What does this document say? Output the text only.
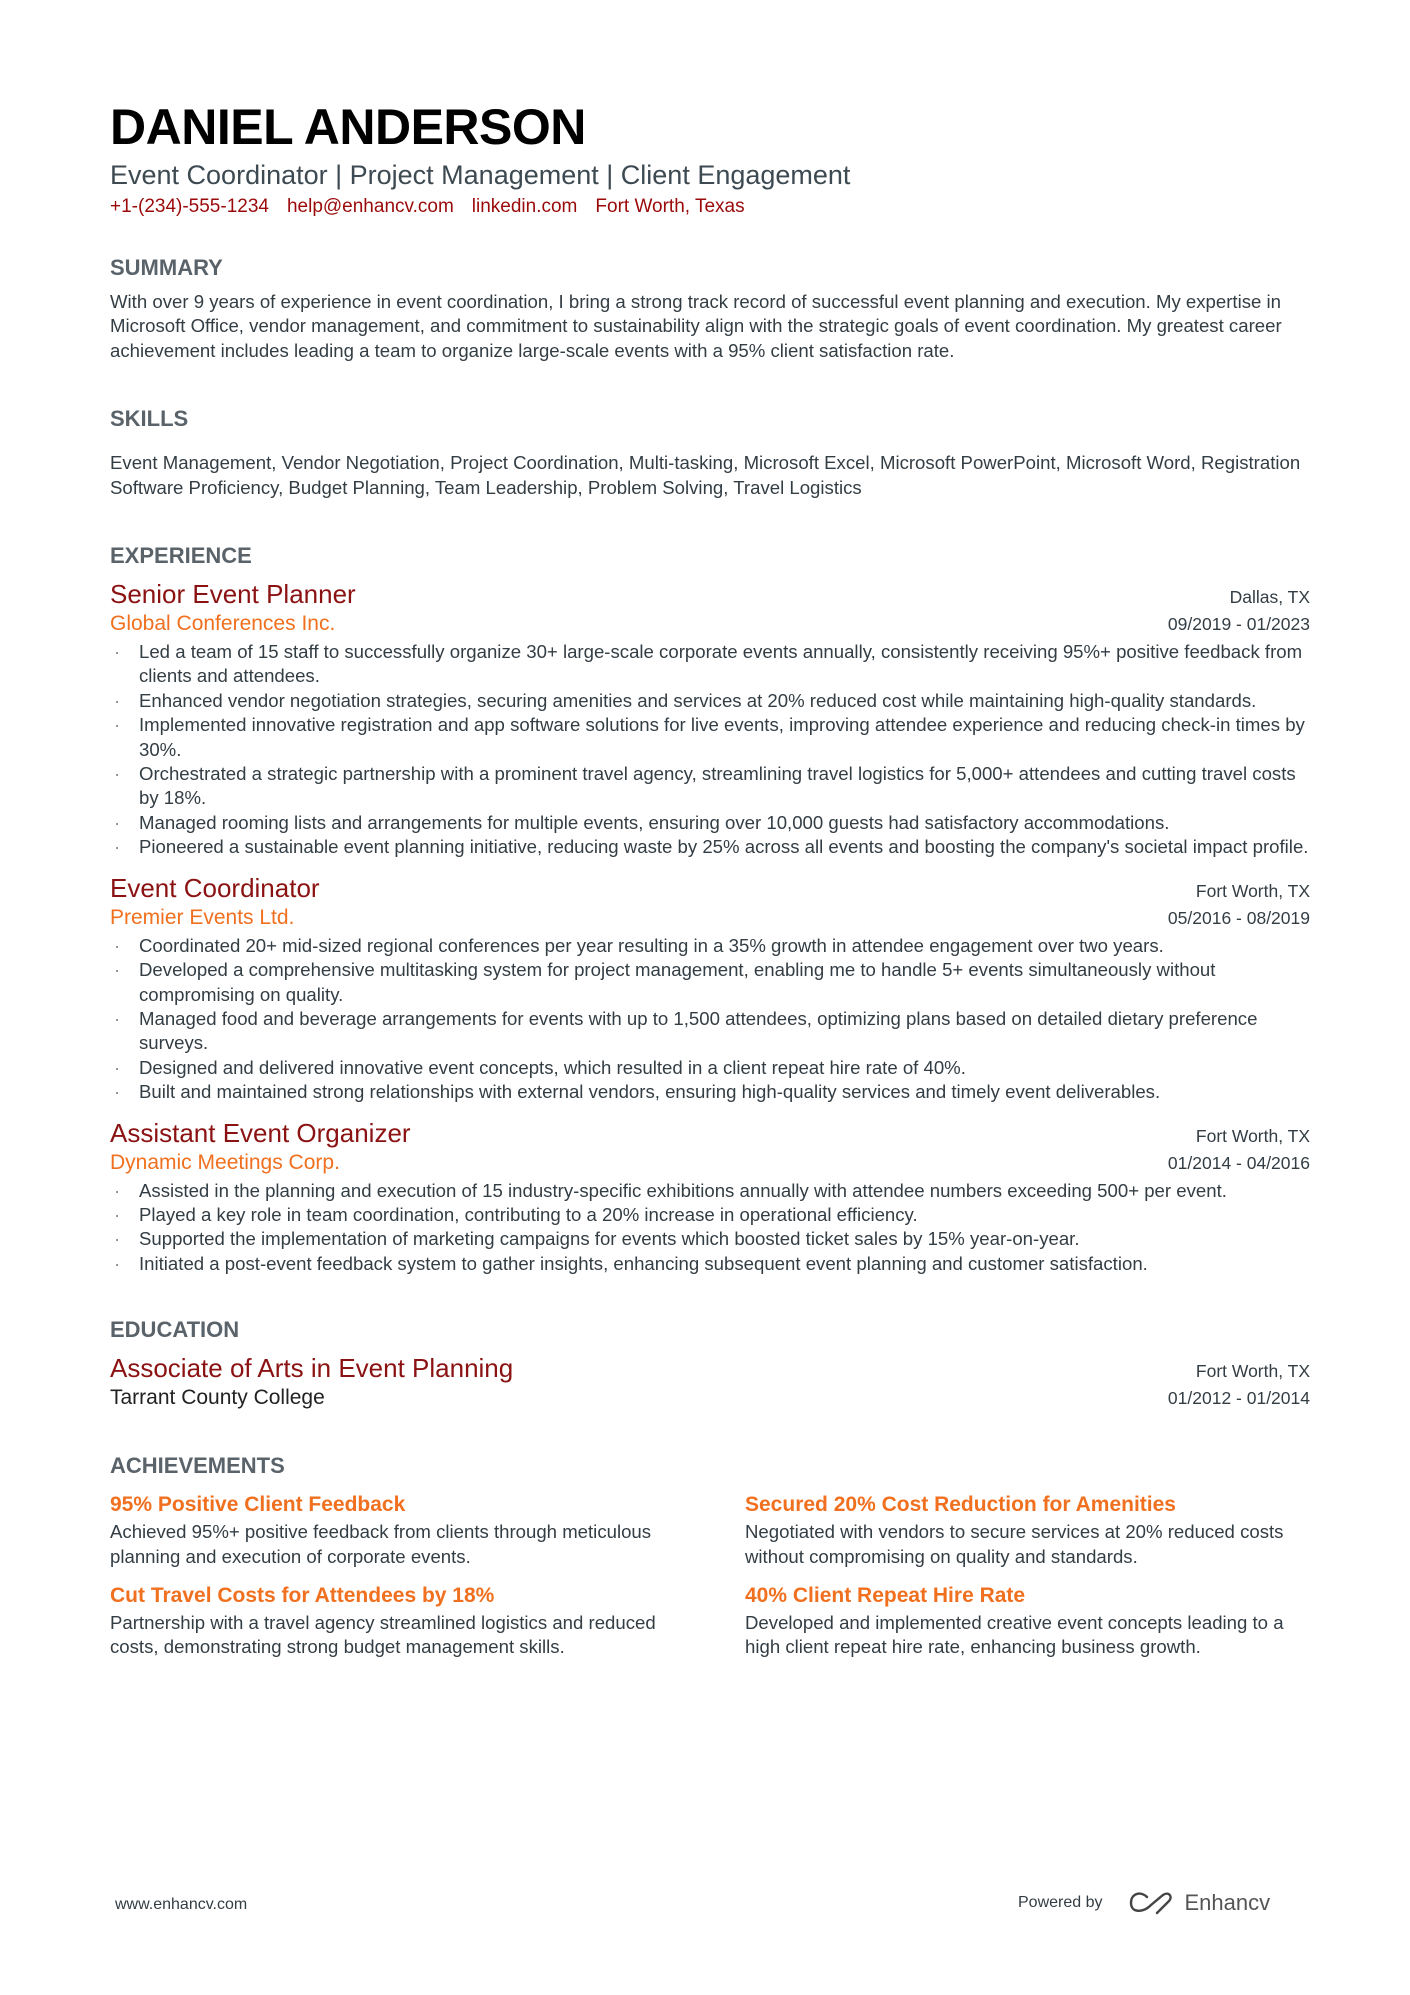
DANIEL ANDERSON
Event Coordinator | Project Management | Client Engagement
+1-(234)-555-1234 help@enhancv.com linkedin.com Fort Worth, Texas
SUMMARY
With over 9 years of experience in event coordination, I bring a strong track record of successful event planning and execution. My expertise in Microsoft Office, vendor management, and commitment to sustainability align with the strategic goals of event coordination. My greatest career achievement includes leading a team to organize large-scale events with a 95% client satisfaction rate.
SKILLS
Event Management, Vendor Negotiation, Project Coordination, Multi-tasking, Microsoft Excel, Microsoft PowerPoint, Microsoft Word, Registration Software Proficiency, Budget Planning, Team Leadership, Problem Solving, Travel Logistics
EXPERIENCE
Senior Event Planner	Dallas, TX
Global Conferences Inc.	09/2019 - 01/2023
· Led a team of 15 staff to successfully organize 30+ large-scale corporate events annually, consistently receiving 95%+ positive feedback from clients and attendees.
· Enhanced vendor negotiation strategies, securing amenities and services at 20% reduced cost while maintaining high-quality standards.
· Implemented innovative registration and app software solutions for live events, improving attendee experience and reducing check-in times by 30%.
· Orchestrated a strategic partnership with a prominent travel agency, streamlining travel logistics for 5,000+ attendees and cutting travel costs by 18%.
· Managed rooming lists and arrangements for multiple events, ensuring over 10,000 guests had satisfactory accommodations.
· Pioneered a sustainable event planning initiative, reducing waste by 25% across all events and boosting the company's societal impact profile.
Event Coordinator	Fort Worth, TX
Premier Events Ltd.	05/2016 - 08/2019
· Coordinated 20+ mid-sized regional conferences per year resulting in a 35% growth in attendee engagement over two years.
· Developed a comprehensive multitasking system for project management, enabling me to handle 5+ events simultaneously without compromising on quality.
· Managed food and beverage arrangements for events with up to 1,500 attendees, optimizing plans based on detailed dietary preference surveys.
· Designed and delivered innovative event concepts, which resulted in a client repeat hire rate of 40%.
· Built and maintained strong relationships with external vendors, ensuring high-quality services and timely event deliverables.
Assistant Event Organizer	Fort Worth, TX
Dynamic Meetings Corp.	01/2014 - 04/2016
· Assisted in the planning and execution of 15 industry-specific exhibitions annually with attendee numbers exceeding 500+ per event.
· Played a key role in team coordination, contributing to a 20% increase in operational efficiency.
· Supported the implementation of marketing campaigns for events which boosted ticket sales by 15% year-on-year.
· Initiated a post-event feedback system to gather insights, enhancing subsequent event planning and customer satisfaction.
EDUCATION
Associate of Arts in Event Planning	Fort Worth, TX
Tarrant County College	01/2012 - 01/2014
ACHIEVEMENTS
95% Positive Client Feedback
Achieved 95%+ positive feedback from clients through meticulous planning and execution of corporate events.
Secured 20% Cost Reduction for Amenities
Negotiated with vendors to secure services at 20% reduced costs without compromising on quality and standards.
Cut Travel Costs for Attendees by 18%
Partnership with a travel agency streamlined logistics and reduced costs, demonstrating strong budget management skills.
40% Client Repeat Hire Rate
Developed and implemented creative event concepts leading to a high client repeat hire rate, enhancing business growth.
www.enhancv.com	Powered by	Enhancv
